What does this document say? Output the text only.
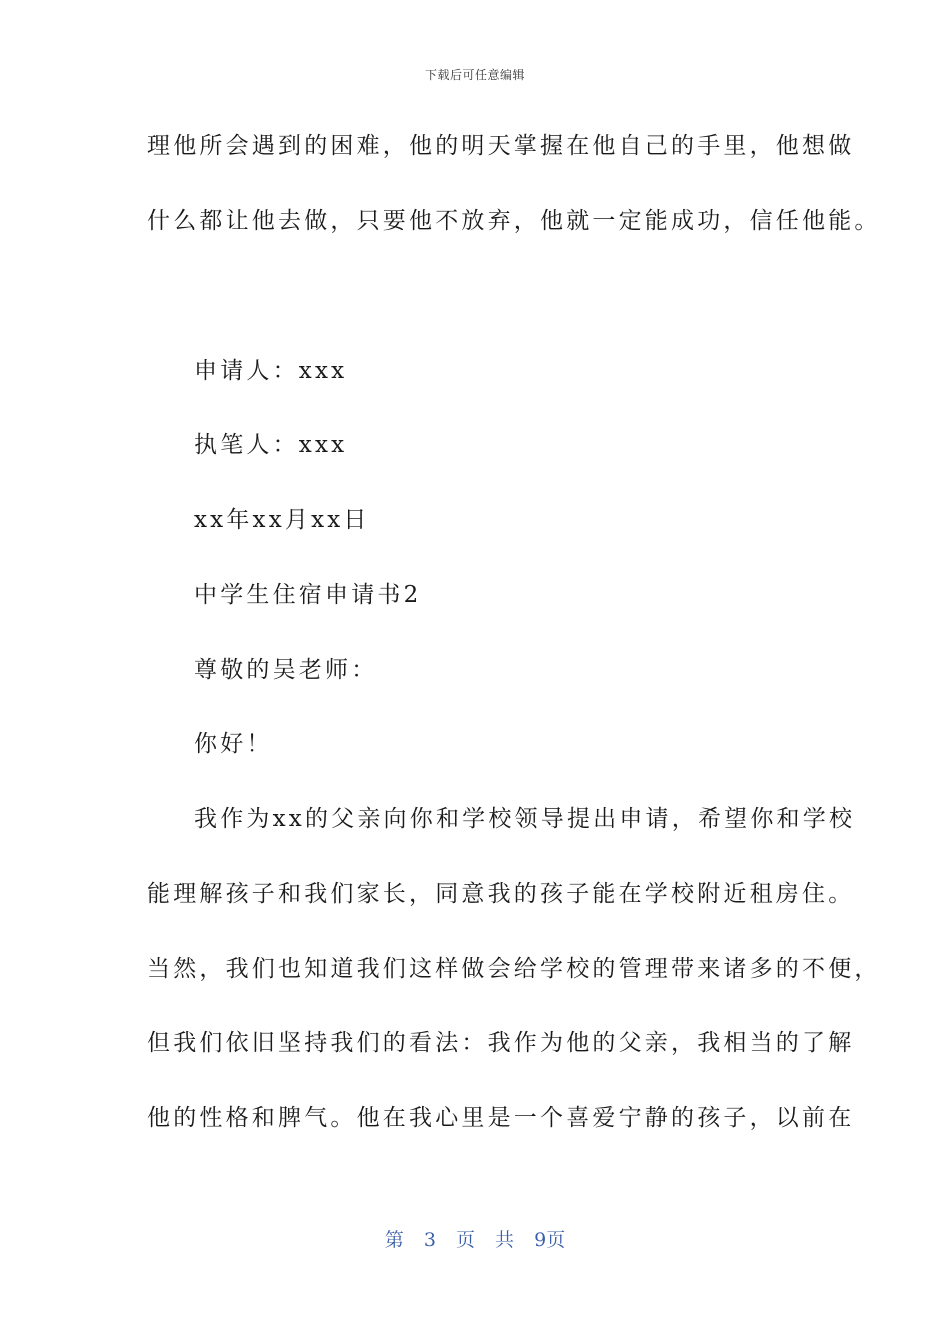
下载后可任意编辑
理他所会遇到的困难，他的明天掌握在他自己的手里，他想做
什么都让他去做，只要他不放弃，他就一定能成功，信任他能。
申请人：xxx
执笔人：xxx
xx年xx月xx日
中学生住宿申请书2
尊敬的吴老师：
你好！
我作为xx的父亲向你和学校领导提出申请，希望你和学校
能理解孩子和我们家长，同意我的孩子能在学校附近租房住。
当然，我们也知道我们这样做会给学校的管理带来诸多的不便，
但我们依旧坚持我们的看法：我作为他的父亲，我相当的了解
他的性格和脾气。他在我心里是一个喜爱宁静的孩子，以前在
第 3 页 共 9页
